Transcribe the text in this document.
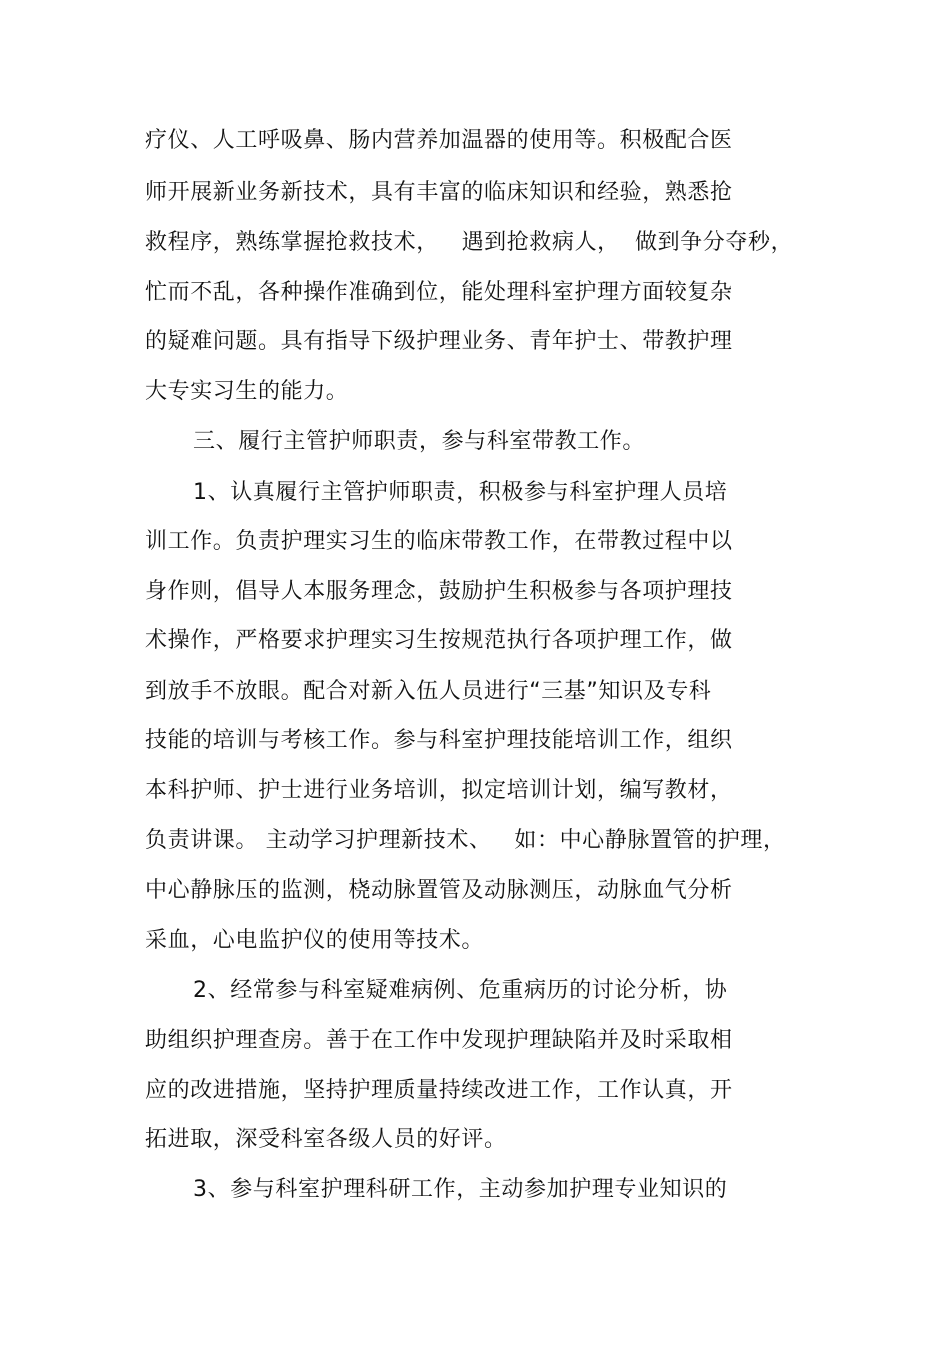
疗仪、人工呼吸鼻、肠内营养加温器的使用等。积极配合医
师开展新业务新技术，具有丰富的临床知识和经验，熟悉抢
救程序，熟练掌握抢救技术，   遇到抢救病人，  做到争分夺秒，
忙而不乱，各种操作准确到位，能处理科室护理方面较复杂
的疑难问题。具有指导下级护理业务、青年护士、带教护理
大专实习生的能力。
三、履行主管护师职责，参与科室带教工作。
1、认真履行主管护师职责，积极参与科室护理人员培
训工作。负责护理实习生的临床带教工作，在带教过程中以
身作则，倡导人本服务理念，鼓励护生积极参与各项护理技
术操作，严格要求护理实习生按规范执行各项护理工作，做
到放手不放眼。配合对新入伍人员进行“三基”知识及专科
技能的培训与考核工作。参与科室护理技能培训工作，组织
本科护师、护士进行业务培训，拟定培训计划，编写教材，
负责讲课。 主动学习护理新技术、   如：中心静脉置管的护理，
中心静脉压的监测，桡动脉置管及动脉测压，动脉血气分析
采血，心电监护仪的使用等技术。
2、经常参与科室疑难病例、危重病历的讨论分析，协
助组织护理查房。善于在工作中发现护理缺陷并及时采取相
应的改进措施，坚持护理质量持续改进工作，工作认真，开
拓进取，深受科室各级人员的好评。
3、参与科室护理科研工作，主动参加护理专业知识的
